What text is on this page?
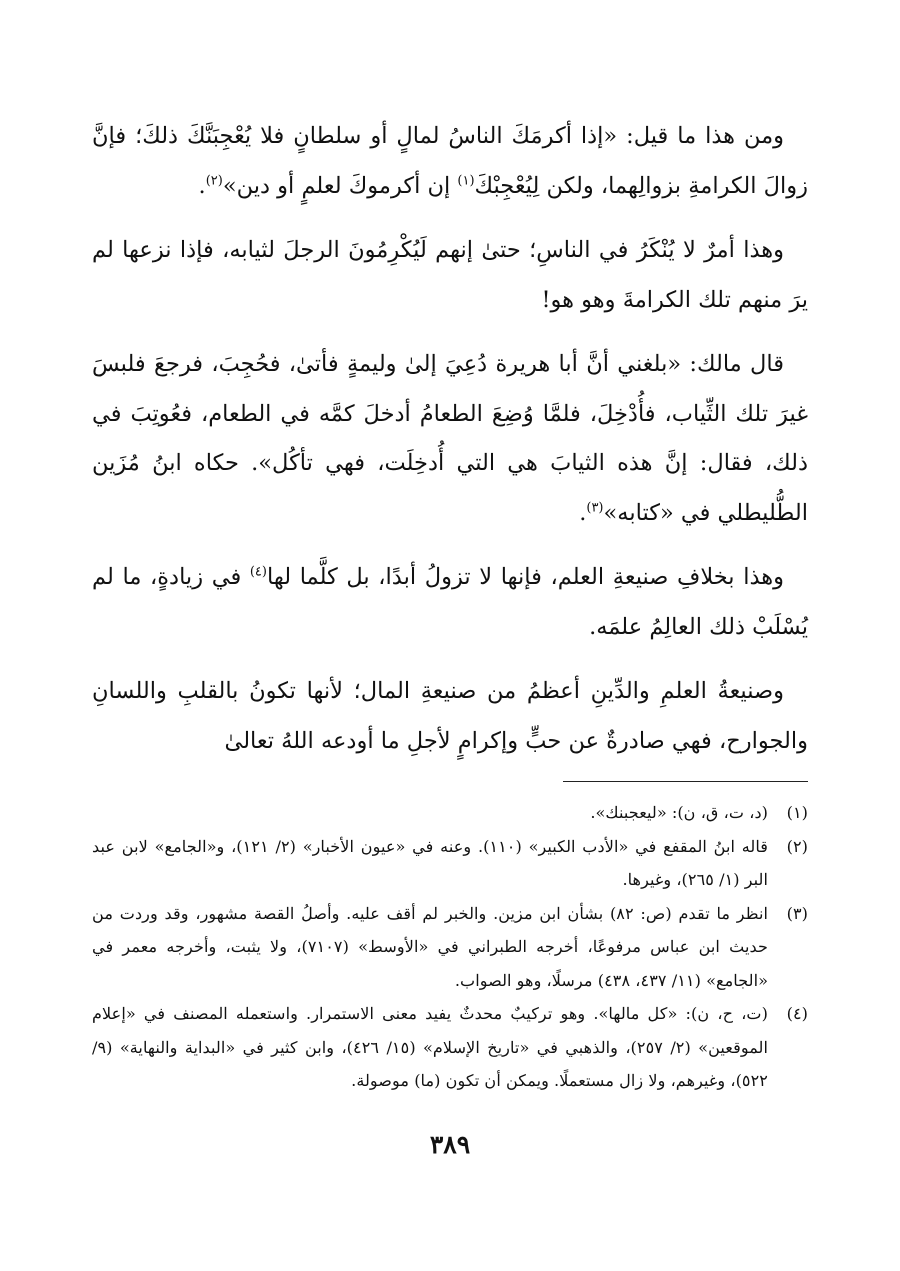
ومن هذا ما قيل: «إذا أكرمَكَ الناسُ لمالٍ أو سلطانٍ فلا يُعْجِبَنَّكَ ذلكَ؛ فإنَّ زوالَ الكرامةِ بزوالِهما، ولكن لِيُعْجِبْكَ$^{(١)}$ إن أكرموكَ لعلمٍ أو دين»$^{(٢)}$.

وهذا أمرٌ لا يُنْكَرُ في الناسِ؛ حتىٰ إنهم لَيُكْرِمُونَ الرجلَ لثيابه، فإذا نزعها لم يرَ منهم تلك الكرامةَ وهو هو!

قال مالك: «بلغني أنَّ أبا هريرة دُعِيَ إلىٰ وليمةٍ فأتىٰ، فحُجِبَ، فرجعَ فلبسَ غيرَ تلك الثِّياب، فأُدْخِلَ، فلمَّا وُضِعَ الطعامُ أدخلَ كمَّه في الطعام، فعُوتِبَ في ذلك، فقال: إنَّ هذه الثيابَ هي التي أُدخِلَت، فهي تأكُل». حكاه ابنُ مُزَين الطُّليطلي في «كتابه»$^{(٣)}$.

وهذا بخلافِ صنيعةِ العلم، فإنها لا تزولُ أبدًا، بل كلَّما لها$^{(٤)}$ في زيادةٍ، ما لم يُسْلَبْ ذلك العالِمُ علمَه.

وصنيعةُ العلمِ والدِّينِ أعظمُ من صنيعةِ المال؛ لأنها تكونُ بالقلبِ واللسانِ والجوارح، فهي صادرةٌ عن حبٍّ وإكرامٍ لأجلِ ما أودعه اللهُ تعالىٰ

(١)
(د، ت، ق، ن): «ليعجبنك».
(٢)
قاله ابنُ المقفع في «الأدب الكبير» (١١٠). وعنه في «عيون الأخبار» (٢/ ١٢١)، و«الجامع» لابن عبد البر (١/ ٢٦٥)، وغيرها.
(٣)
انظر ما تقدم (ص: ٨٢) بشأن ابن مزين. والخبر لم أقف عليه. وأصلُ القصة مشهور، وقد وردت من حديث ابن عباس مرفوعًا، أخرجه الطبراني في «الأوسط» (٧١٠٧)، ولا يثبت، وأخرجه معمر في «الجامع» (١١/ ٤٣٧، ٤٣٨) مرسلًا، وهو الصواب.
(٤)
(ت، ح، ن): «كل مالها». وهو تركيبٌ محدثٌ يفيد معنى الاستمرار. واستعمله المصنف في «إعلام الموقعين» (٢/ ٢٥٧)، والذهبي في «تاريخ الإسلام» (١٥/ ٤٢٦)، وابن كثير في «البداية والنهاية» (٩/ ٥٢٢)، وغيرهم، ولا زال مستعملًا. ويمكن أن تكون (ما) موصولة.
٣٨٩
